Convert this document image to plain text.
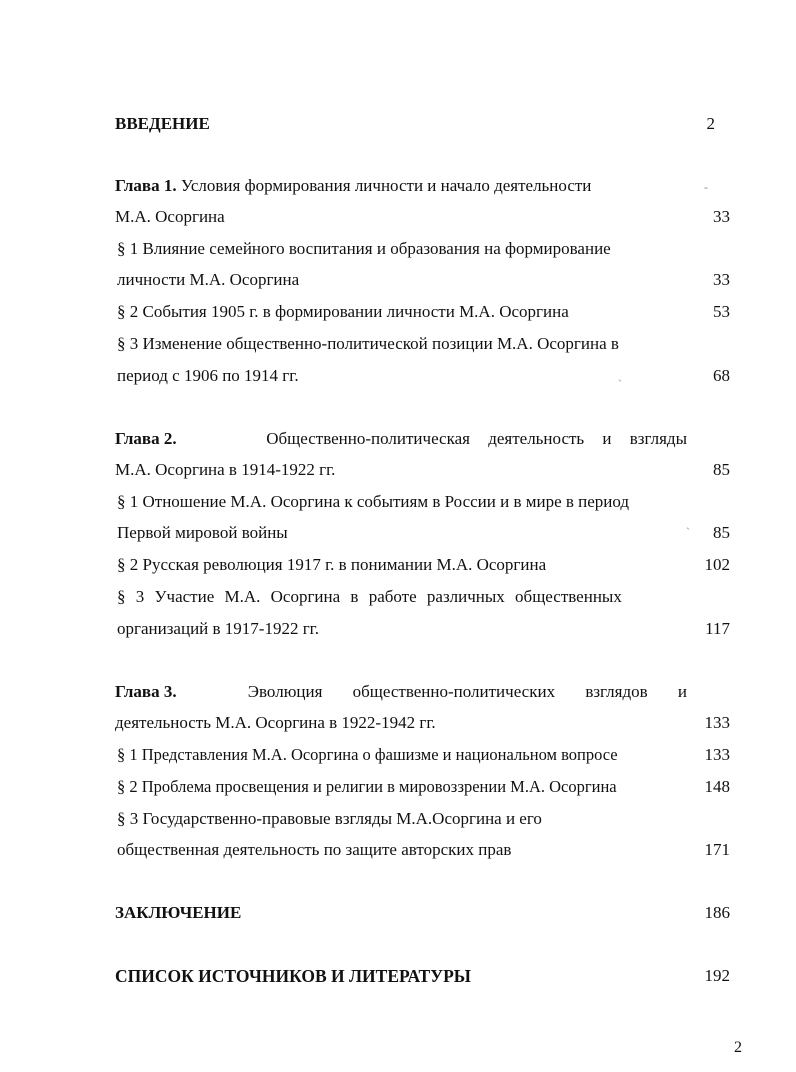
ВВЕДЕНИЕ	2
Глава 1. Условия формирования личности и начало деятельности	‐
М.А. Осоргина	33
§ 1 Влияние семейного воспитания и образования на формирование
личности М.А. Осоргина	33
§ 2 События 1905 г. в формировании личности М.А. Осоргина	53
§ 3 Изменение общественно-политической позиции М.А. Осоргина в
период с 1906 по 1914 гг.	ˎ	68
Глава 2.	Общественно-политическая деятельность и взгляды
М.А. Осоргина в 1914-1922 гг.	85
§ 1 Отношение М.А. Осоргина к событиям в России и в мире в период
Первой мировой войны	ˎ	85
§ 2 Русская революция 1917 г. в понимании М.А. Осоргина	102
§ 3 Участие М.А. Осоргина в работе различных общественных
организаций в 1917-1922 гг.	117
Глава 3.	Эволюция общественно-политических взглядов и
деятельность М.А. Осоргина в 1922-1942 гг.	133
§ 1 Представления М.А. Осоргина о фашизме и национальном вопросе	133
§ 2 Проблема просвещения и религии в мировоззрении М.А. Осоргина	148
§ 3 Государственно-правовые взгляды М.А.Осоргина и его
общественная деятельность по защите авторских прав	171
ЗАКЛЮЧЕНИЕ	186
СПИСОК ИСТОЧНИКОВ И ЛИТЕРАТУРЫ	192
2
